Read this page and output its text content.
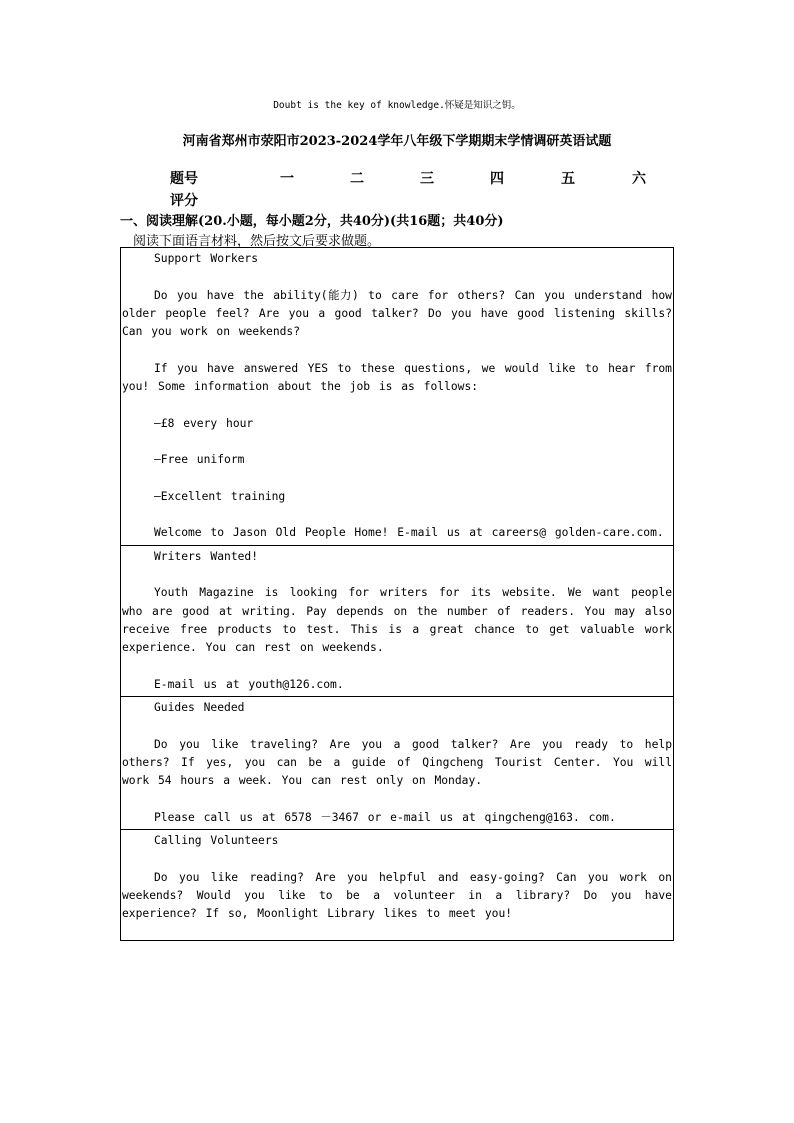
Doubt is the key of knowledge.怀疑是知识之钥。
河南省郑州市荥阳市2023-2024学年八年级下学期期末学情调研英语试题
题号	一	二	三	四	五	六
评分
一、阅读理解(20.小题，每小题2分，共40分)(共16题；共40分)
阅读下面语言材料，然后按文后要求做题。

Support Workers

Do you have the ability(能力) to care for others? Can you understand how older people feel? Are you a good talker? Do you have good listening skills? Can you work on weekends?

If you have answered YES to these questions, we would like to hear from you! Some information about the job is as follows:

—£8 every hour

—Free uniform

—Excellent training

Welcome to Jason Old People Home! E-mail us at careers@ golden-care.com.

Writers Wanted!

Youth Magazine is looking for writers for its website. We want people who are good at writing. Pay depends on the number of readers. You may also receive free products to test. This is a great chance to get valuable work experience. You can rest on weekends.

E-mail us at youth@126.com.

Guides Needed

Do you like traveling? Are you a good talker? Are you ready to help others? If yes, you can be a guide of Qingcheng Tourist Center. You will work 54 hours a week. You can rest only on Monday.

Please call us at 6578 －3467 or e-mail us at qingcheng@163. com.

Calling Volunteers

Do you like reading? Are you helpful and easy-going? Can you work on weekends? Would you like to be a volunteer in a library? Do you have experience? If so, Moonlight Library likes to meet you!
